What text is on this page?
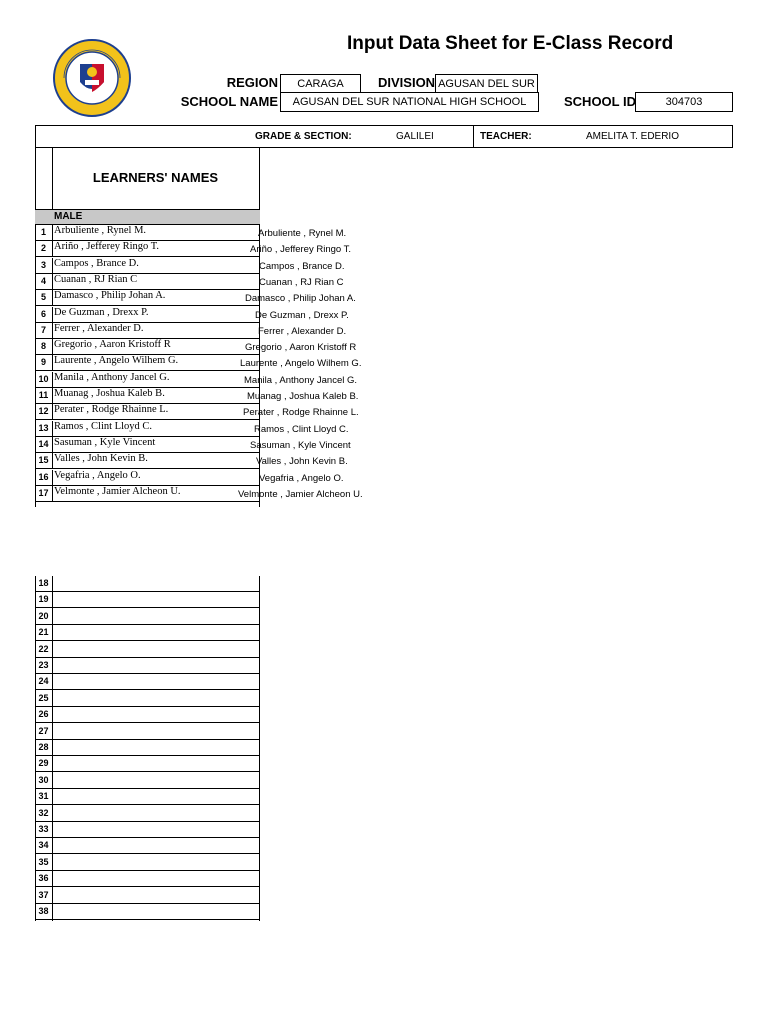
Input Data Sheet for E-Class Record
REGION	CARAGA	DIVISION AGUSAN DEL SUR
SCHOOL NAME	AGUSAN DEL SUR NATIONAL HIGH SCHOOL	SCHOOL ID	304703
GRADE & SECTION:	GALILEI	TEACHER:	AMELITA T. EDERIO
LEARNERS' NAMES
MALE
1 Arbuliente , Rynel M.	Arbuliente , Rynel M.
2 Ariño , Jefferey Ringo T.	Ariño , Jefferey Ringo T.
3 Campos , Brance D.	Campos , Brance D.
4 Cuanan , RJ Rian C	Cuanan , RJ Rian C
5 Damasco , Philip Johan A.	Damasco , Philip Johan A.
6 De Guzman , Drexx P.	De Guzman , Drexx P.
7 Ferrer , Alexander D.	Ferrer , Alexander D.
8 Gregorio , Aaron Kristoff R	Gregorio , Aaron Kristoff R
9 Laurente , Angelo Wilhem G.	Laurente , Angelo Wilhem G.
10 Manila , Anthony Jancel G.	Manila , Anthony Jancel G.
11 Muanag , Joshua Kaleb B.	Muanag , Joshua Kaleb B.
12 Perater , Rodge Rhainne L.	Perater , Rodge Rhainne L.
13 Ramos , Clint Lloyd C.	Ramos , Clint Lloyd C.
14 Sasuman , Kyle Vincent	Sasuman , Kyle Vincent
15 Valles , John Kevin B.	Valles , John Kevin B.
16 Vegafria , Angelo O.	Vegafria , Angelo O.
17 Velmonte , Jamier Alcheon U.	Velmonte , Jamier Alcheon U.
18
19
20
21
22
23
24
25
26
27
28
29
30
31
32
33
34
35
36
37
38
